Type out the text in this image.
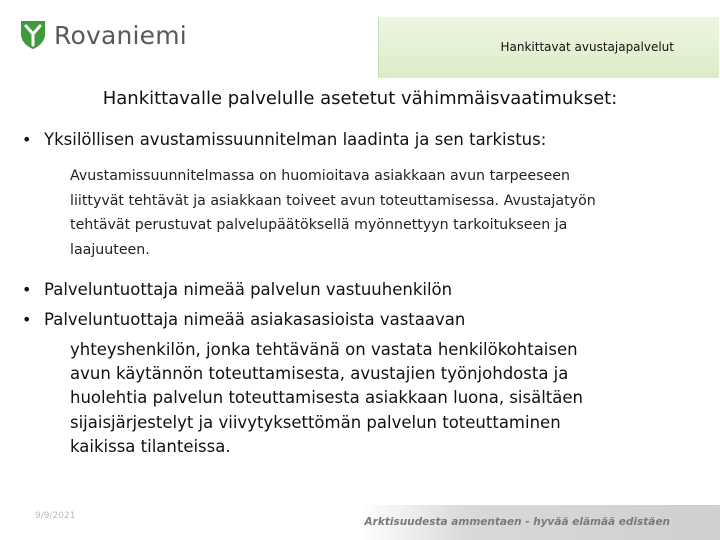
Rovaniemi	Hankittavat avustajapalvelut
Hankittavalle palvelulle asetetut vähimmäisvaatimukset:
• Yksilöllisen avustamissuunnitelman laadinta ja sen tarkistus:
Avustamissuunnitelmassa on huomioitava asiakkaan avun tarpeeseen
liittyvät tehtävät ja asiakkaan toiveet avun toteuttamisessa. Avustajatyön
tehtävät perustuvat palvelupäätöksellä myönnettyyn tarkoitukseen ja
laajuuteen.
• Palveluntuottaja nimeää palvelun vastuuhenkilön
• Palveluntuottaja nimeää asiakasasioista vastaavan
yhteyshenkilön, jonka tehtävänä on vastata henkilökohtaisen
avun käytännön toteuttamisesta, avustajien työnjohdosta ja
huolehtia palvelun toteuttamisesta asiakkaan luona, sisältäen
sijaisjärjestelyt ja viivytyksettömän palvelun toteuttaminen
kaikissa tilanteissa.
9/9/2021	Arktisuudesta ammentaen - hyvää elämää edistäen
